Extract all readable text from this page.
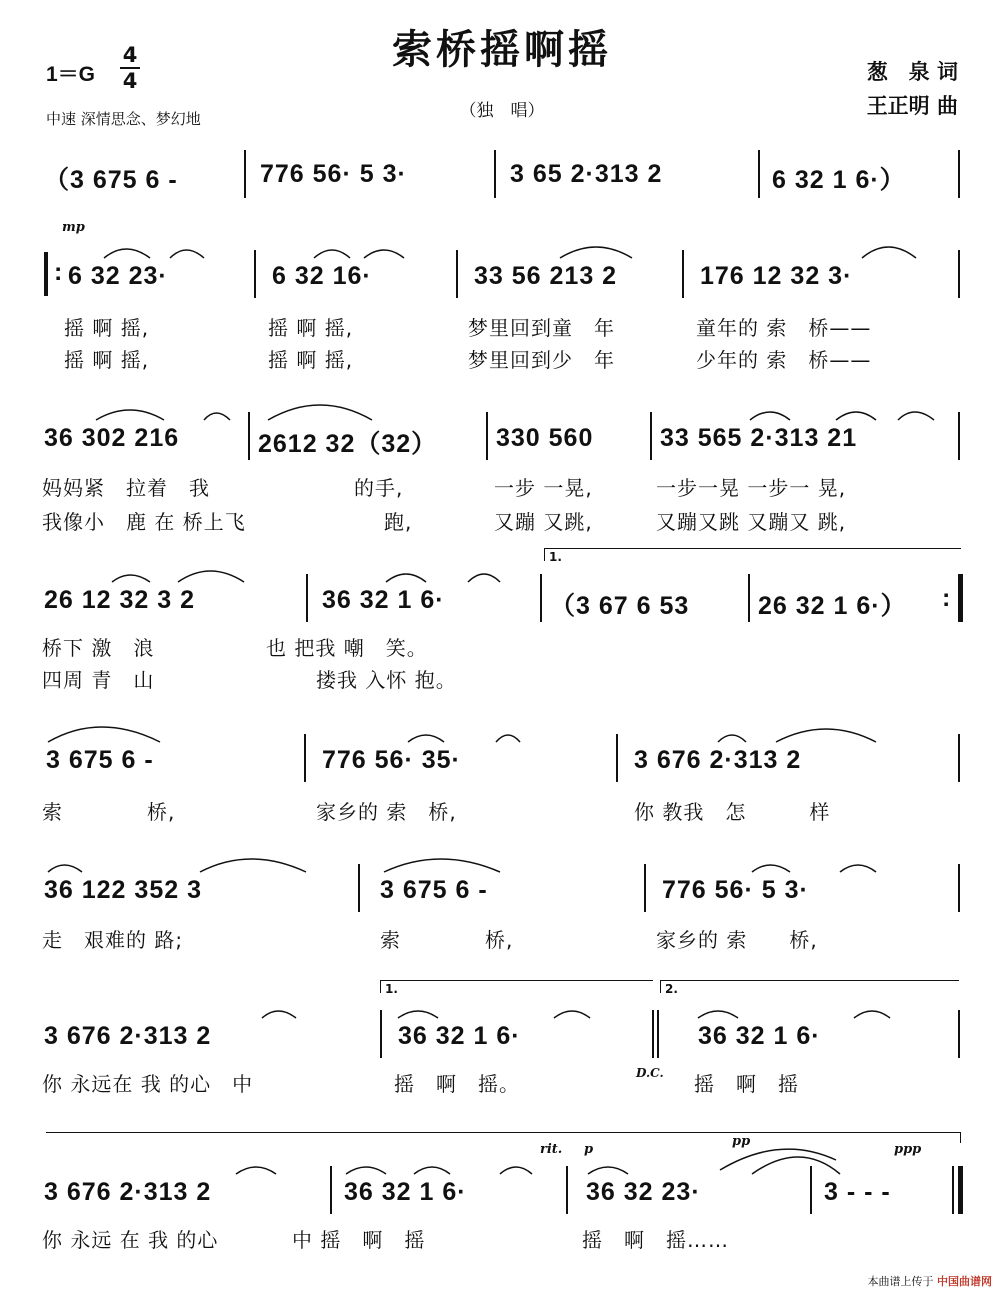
索桥摇啊摇
（独　唱）
1＝G
4
4
中速 深情思念、梦幻地
葱　泉 词
王正明 曲
（3 675 6 -	776 56· 5 3·	3 65 2·313 2	6 32 1 6·）
mp
: 6 32 23·	6 32 16·	33 56 213 2	176 12 32 3·
摇 啊 摇,	摇 啊 摇,	梦里回到童　年	童年的 索　桥——
摇 啊 摇,	摇 啊 摇,	梦里回到少　年	少年的 索　桥——
36 302 216	2612 32（32） 330 560	33 565 2·313 21
妈妈紧　拉着　我	的手,	一步 一晃,	一步一晃 一步一 晃,
我像小　鹿 在 桥上飞	跑,	又蹦 又跳,	又蹦又跳 又蹦又 跳,
1.
26 12 32 3 2	36 32 1 6·	（3 67 6 53	26 32 1 6·） :
桥下 激　浪	也 把我 嘲　笑。
四周 青　山	搂我 入怀 抱。
3 675 6 -	776 56· 35·	3 676 2·313 2
索　　　　桥,	家乡的 索　桥,	你 教我　怎　　　样
36 122 352 3	3 675 6 -	776 56· 5 3·
走　艰难的 路;	索　　　　桥,	家乡的 索　　桥,
1.	2.
3 676 2·313 2	36 32 1 6·	36 32 1 6·
你 永远在 我 的心　中	摇　啊　摇。	D.C. 摇　啊　摇
rit. p
pp
ppp
3 676 2·313 2	36 32 1 6·	36 32 23·	3 - - -
你 永远 在 我 的心	中 摇　啊　摇	摇　啊　摇……
本曲谱上传于 中国曲谱网
